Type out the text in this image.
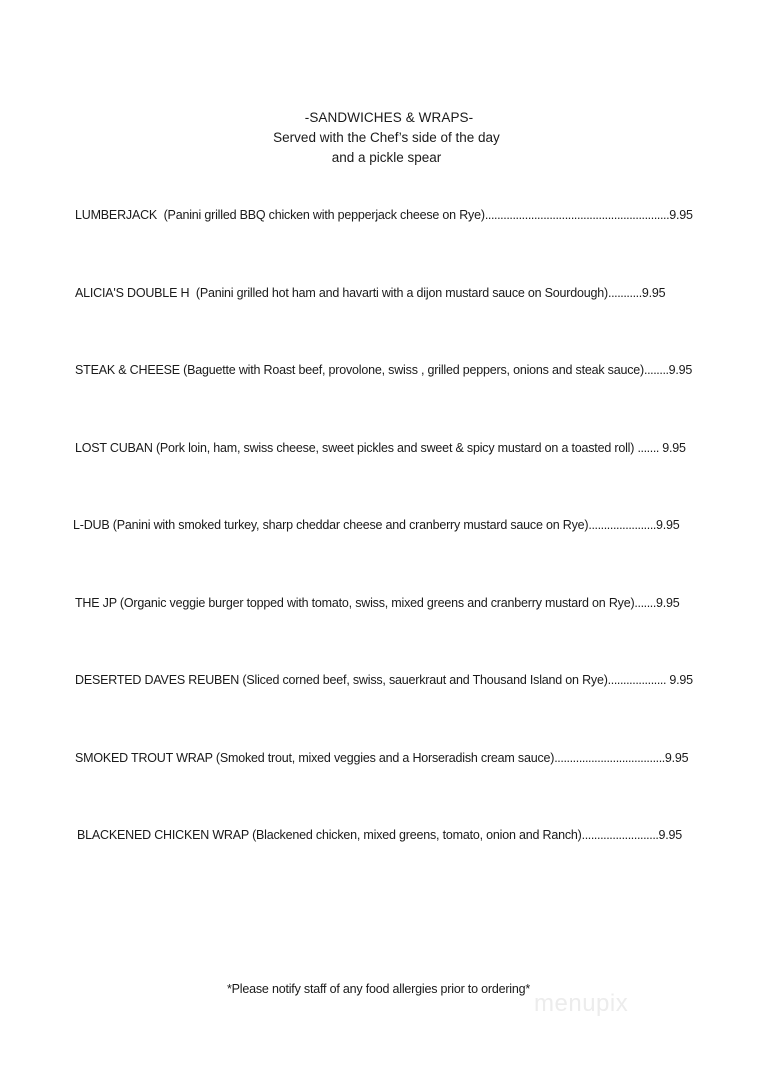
-SANDWICHES & WRAPS-
Served with the Chef’s side of the day
and a pickle spear
LUMBERJACK (Panini grilled BBQ chicken with pepperjack cheese on Rye)............................................................9.95
ALICIA'S DOUBLE H (Panini grilled hot ham and havarti with a dijon mustard sauce on Sourdough)...........9.95
STEAK & CHEESE (Baguette with Roast beef, provolone, swiss , grilled peppers, onions and steak sauce)........9.95
LOST CUBAN (Pork loin, ham, swiss cheese, sweet pickles and sweet & spicy mustard on a toasted roll) ....... 9.95
L-DUB (Panini with smoked turkey, sharp cheddar cheese and cranberry mustard sauce on Rye)......................9.95
THE JP (Organic veggie burger topped with tomato, swiss, mixed greens and cranberry mustard on Rye).......9.95
DESERTED DAVES REUBEN (Sliced corned beef, swiss, sauerkraut and Thousand Island on Rye)................... 9.95
SMOKED TROUT WRAP (Smoked trout, mixed veggies and a Horseradish cream sauce)....................................9.95
BLACKENED CHICKEN WRAP (Blackened chicken, mixed greens, tomato, onion and Ranch).........................9.95
*Please notify staff of any food allergies prior to ordering*
menupix
